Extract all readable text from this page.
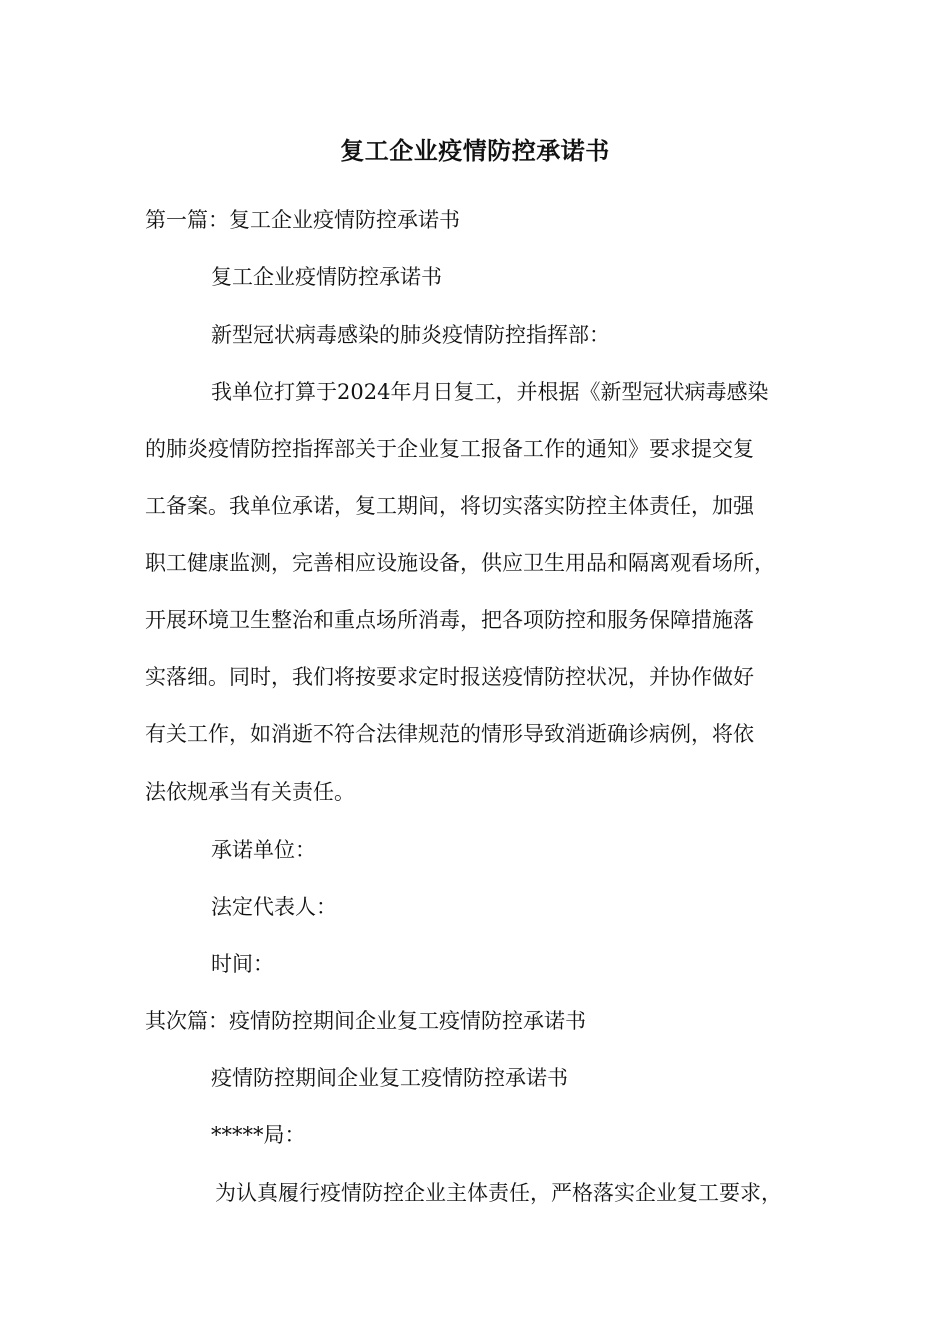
复工企业疫情防控承诺书
第一篇：复工企业疫情防控承诺书
复工企业疫情防控承诺书
新型冠状病毒感染的肺炎疫情防控指挥部：
我单位打算于2024年月日复工，并根据《新型冠状病毒感染
的肺炎疫情防控指挥部关于企业复工报备工作的通知》要求提交复
工备案。我单位承诺，复工期间，将切实落实防控主体责任，加强
职工健康监测，完善相应设施设备，供应卫生用品和隔离观看场所，
开展环境卫生整治和重点场所消毒，把各项防控和服务保障措施落
实落细。同时，我们将按要求定时报送疫情防控状况，并协作做好
有关工作，如消逝不符合法律规范的情形导致消逝确诊病例，将依
法依规承当有关责任。
承诺单位：
法定代表人：
时间：
其次篇：疫情防控期间企业复工疫情防控承诺书
疫情防控期间企业复工疫情防控承诺书
*****局：
为认真履行疫情防控企业主体责任，严格落实企业复工要求，
